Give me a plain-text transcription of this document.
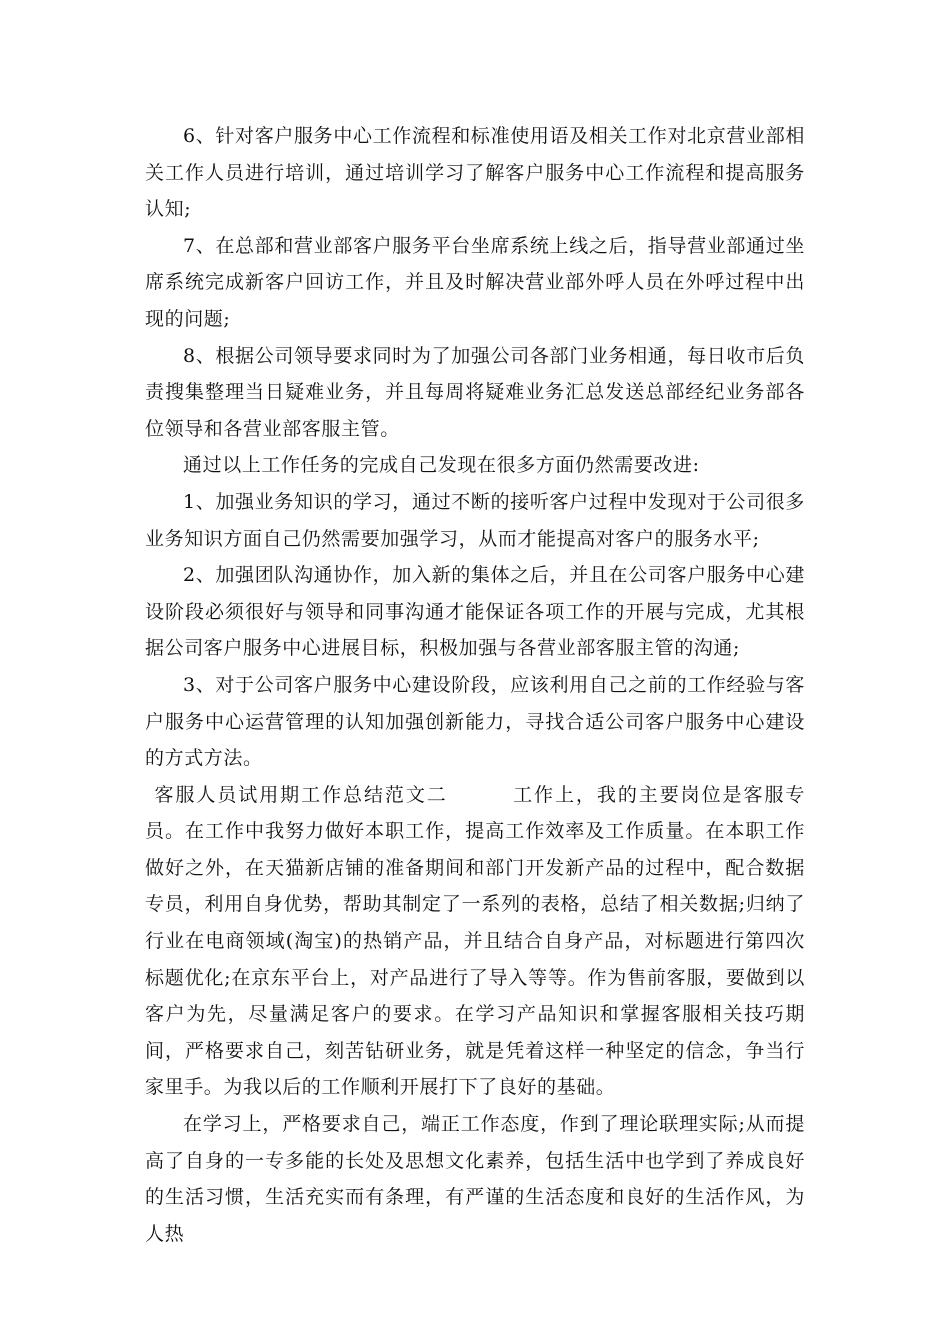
6、针对客户服务中心工作流程和标准使用语及相关工作对北京营业部相关工作人员进行培训，通过培训学习了解客户服务中心工作流程和提高服务认知;

7、在总部和营业部客户服务平台坐席系统上线之后，指导营业部通过坐席系统完成新客户回访工作，并且及时解决营业部外呼人员在外呼过程中出现的问题;

8、根据公司领导要求同时为了加强公司各部门业务相通，每日收市后负责搜集整理当日疑难业务，并且每周将疑难业务汇总发送总部经纪业务部各位领导和各营业部客服主管。

通过以上工作任务的完成自己发现在很多方面仍然需要改进:

1、加强业务知识的学习，通过不断的接听客户过程中发现对于公司很多业务知识方面自己仍然需要加强学习，从而才能提高对客户的服务水平;

2、加强团队沟通协作，加入新的集体之后，并且在公司客户服务中心建设阶段必须很好与领导和同事沟通才能保证各项工作的开展与完成，尤其根据公司客户服务中心进展目标，积极加强与各营业部客服主管的沟通;

3、对于公司客户服务中心建设阶段，应该利用自己之前的工作经验与客户服务中心运营管理的认知加强创新能力，寻找合适公司客户服务中心建设的方式方法。

客服人员试用期工作总结范文二	工作上，我的主要岗位是客服专员。在工作中我努力做好本职工作，提高工作效率及工作质量。在本职工作做好之外，在天猫新店铺的准备期间和部门开发新产品的过程中，配合数据专员，利用自身优势，帮助其制定了一系列的表格，总结了相关数据;归纳了行业在电商领域(淘宝)的热销产品，并且结合自身产品，对标题进行第四次标题优化;在京东平台上，对产品进行了导入等等。作为售前客服，要做到以客户为先，尽量满足客户的要求。在学习产品知识和掌握客服相关技巧期间，严格要求自己，刻苦钻研业务，就是凭着这样一种坚定的信念，争当行家里手。为我以后的工作顺利开展打下了良好的基础。

在学习上，严格要求自己，端正工作态度，作到了理论联理实际;从而提高了自身的一专多能的长处及思想文化素养，包括生活中也学到了养成良好的生活习惯，生活充实而有条理，有严谨的生活态度和良好的生活作风，为人热
